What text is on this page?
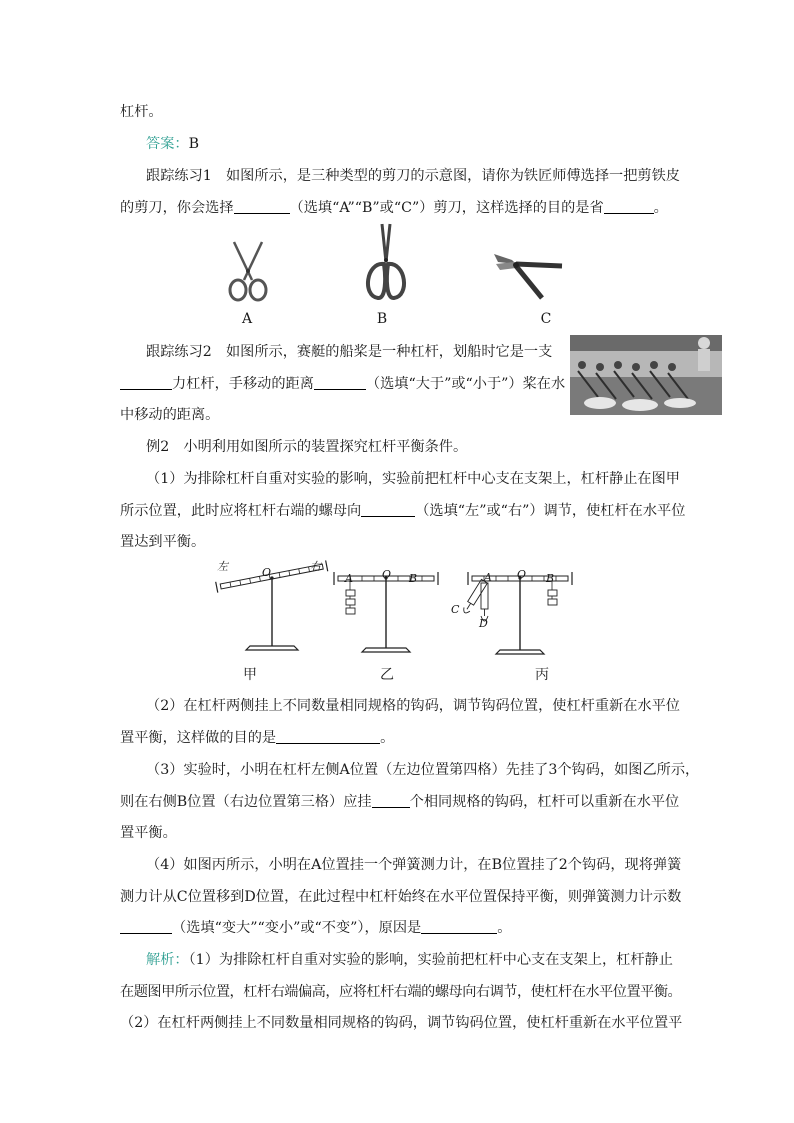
杠杆。
答案：B
跟踪练习1　如图所示，是三种类型的剪刀的示意图，请你为铁匠师傅选择一把剪铁皮
的剪刀，你会选择	（选填“A”“B”或“C”）剪刀，这样选择的目的是省	。
A	B	C
跟踪练习2　如图所示，赛艇的船桨是一种杠杆，划船时它是一支
力杠杆，手移动的距离	（选填“大于”或“小于”）桨在水
中移动的距离。
例2　小明利用如图所示的装置探究杠杆平衡条件。
（1）为排除杠杆自重对实验的影响，实验前把杠杆中心支在支架上，杠杆静止在图甲
所示位置，此时应将杠杆右端的螺母向	（选填“左”或“右”）调节，使杠杆在水平位
置达到平衡。
左	O	右
A	O B	A O B
C
D
甲	乙	丙
（2）在杠杆两侧挂上不同数量相同规格的钩码，调节钩码位置，使杠杆重新在水平位
置平衡，这样做的目的是	。
（3）实验时，小明在杠杆左侧A位置（左边位置第四格）先挂了3个钩码，如图乙所示，
则在右侧B位置（右边位置第三格）应挂	个相同规格的钩码，杠杆可以重新在水平位
置平衡。
（4）如图丙所示，小明在A位置挂一个弹簧测力计，在B位置挂了2个钩码，现将弹簧
测力计从C位置移到D位置，在此过程中杠杆始终在水平位置保持平衡，则弹簧测力计示数
（选填“变大”“变小”或“不变”），原因是	。
解析：（1）为排除杠杆自重对实验的影响，实验前把杠杆中心支在支架上，杠杆静止
在题图甲所示位置，杠杆右端偏高，应将杠杆右端的螺母向右调节，使杠杆在水平位置平衡。
（2）在杠杆两侧挂上不同数量相同规格的钩码，调节钩码位置，使杠杆重新在水平位置平
